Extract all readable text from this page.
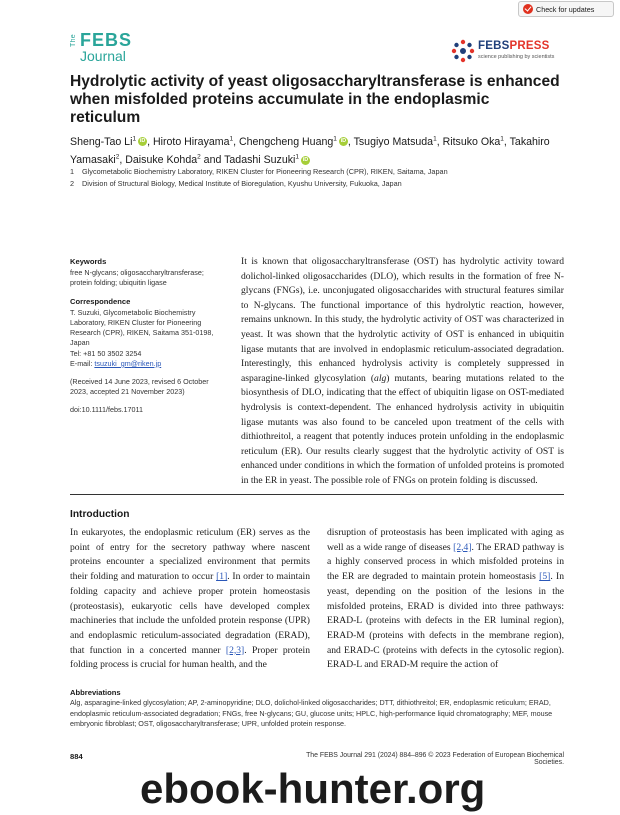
Check for updates
The FEBS
Journal
FEBSPRESS
science publishing by scientists
Hydrolytic activity of yeast oligosaccharyltransferase is enhanced when misfolded proteins accumulate in the endoplasmic reticulum
Sheng-Tao Li$^1$ iD , Hiroto Hirayama$^1$, Chengcheng Huang$^1$ iD , Tsugiyo Matsuda$^1$, Ritsuko Oka$^1$, Takahiro Yamasaki$^2$, Daisuke Kohda$^2$ and Tadashi Suzuki$^1$ iD
1 Glycometabolic Biochemistry Laboratory, RIKEN Cluster for Pioneering Research (CPR), RIKEN, Saitama, Japan
2 Division of Structural Biology, Medical Institute of Bioregulation, Kyushu University, Fukuoka, Japan
Keywords
free N-glycans; oligosaccharyltransferase; protein folding; ubiquitin ligase
Correspondence
T. Suzuki, Glycometabolic Biochemistry Laboratory, RIKEN Cluster for Pioneering Research (CPR), RIKEN, Saitama 351-0198, Japan
Tel: +81 50 3502 3254
E-mail: tsuzuki_gm@riken.jp
(Received 14 June 2023, revised 6 October 2023, accepted 21 November 2023)
doi:10.1111/febs.17011
It is known that oligosaccharyltransferase (OST) has hydrolytic activity toward dolichol-linked oligosaccharides (DLO), which results in the formation of free N-glycans (FNGs), i.e. unconjugated oligosaccharides with structural features similar to N-glycans. The functional importance of this hydrolytic reaction, however, remains unknown. In this study, the hydrolytic activity of OST was characterized in yeast. It was shown that the hydrolytic activity of OST is enhanced in ubiquitin ligase mutants that are involved in endoplasmic reticulum-associated degradation. Interestingly, this enhanced hydrolysis activity is completely suppressed in asparagine-linked glycosylation (alg) mutants, bearing mutations related to the biosynthesis of DLO, indicating that the effect of ubiquitin ligase on OST-mediated hydrolysis is context-dependent. The enhanced hydrolysis activity in ubiquitin ligase mutants was also found to be canceled upon treatment of the cells with dithiothreitol, a reagent that potently induces protein unfolding in the endoplasmic reticulum (ER). Our results clearly suggest that the hydrolytic activity of OST is enhanced under conditions in which the formation of unfolded proteins is promoted in the ER in yeast. The possible role of FNGs on protein folding is discussed.
Introduction
In eukaryotes, the endoplasmic reticulum (ER) serves as the point of entry for the secretory pathway where nascent proteins encounter a specialized environment that permits their folding and maturation to occur [1]. In order to maintain folding capacity and achieve proper protein homeostasis (proteostasis), eukaryotic cells have developed complex machineries that include the unfolded protein response (UPR) and endoplasmic reticulum-associated degradation (ERAD), that function in a concerted manner [2,3]. Proper protein folding process is crucial for human health, and the
disruption of proteostasis has been implicated with aging as well as a wide range of diseases [2,4]. The ERAD pathway is a highly conserved process in which misfolded proteins in the ER are degraded to maintain protein homeostasis [5]. In yeast, depending on the position of the lesions in the misfolded proteins, ERAD is divided into three pathways: ERAD-L (proteins with defects in the ER luminal region), ERAD-M (proteins with defects in the membrane region), and ERAD-C (proteins with defects in the cytosolic region). ERAD-L and ERAD-M require the action of
Abbreviations
Alg, asparagine-linked glycosylation; AP, 2-aminopyridine; DLO, dolichol-linked oligosaccharides; DTT, dithiothreitol; ER, endoplasmic reticulum; ERAD, endoplasmic reticulum-associated degradation; FNGs, free N-glycans; GU, glucose units; HPLC, high-performance liquid chromatography; MEF, mouse embryonic fibroblast; OST, oligosaccharyltransferase; UPR, unfolded protein response.
884	The FEBS Journal 291 (2024) 884–896 © 2023 Federation of European Biochemical Societies.
ebook-hunter.org
